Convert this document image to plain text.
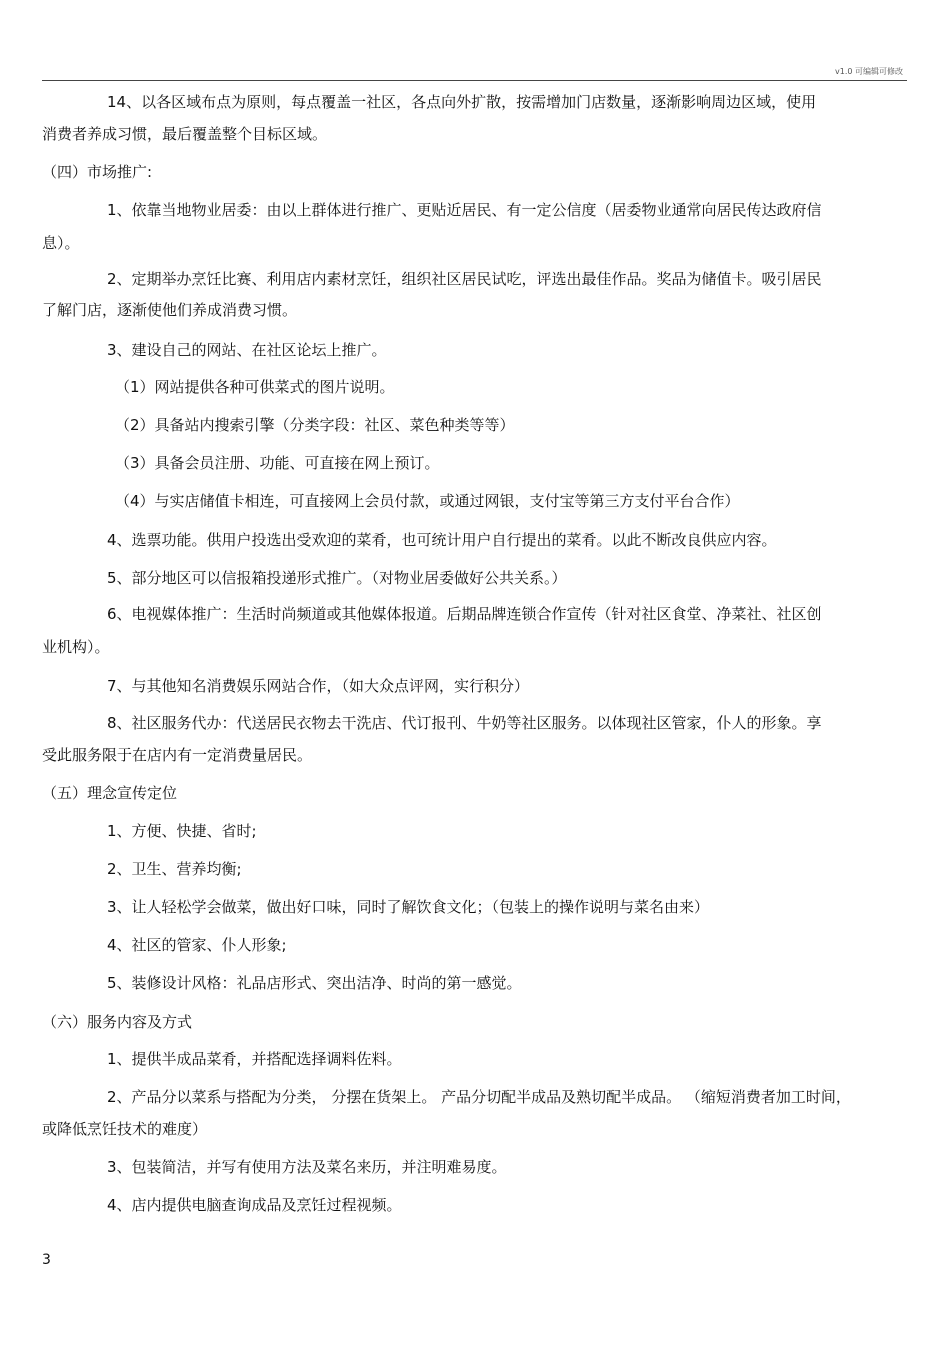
v1.0 可编辑可修改
14、以各区域布点为原则，每点覆盖一社区，各点向外扩散，按需增加门店数量，逐渐影响周边区域，使用
消费者养成习惯，最后覆盖整个目标区域。
（四）市场推广:
1、依靠当地物业居委：由以上群体进行推广、更贴近居民、有一定公信度（居委物业通常向居民传达政府信
息）。
2、定期举办烹饪比赛、利用店内素材烹饪，组织社区居民试吃，评选出最佳作品。奖品为储值卡。吸引居民
了解门店，逐渐使他们养成消费习惯。
3、建设自己的网站、在社区论坛上推广。
（1）网站提供各种可供菜式的图片说明。
（2）具备站内搜索引擎（分类字段：社区、菜色种类等等）
（3）具备会员注册、功能、可直接在网上预订。
（4）与实店储值卡相连，可直接网上会员付款，或通过网银，支付宝等第三方支付平台合作）
4、选票功能。供用户投选出受欢迎的菜肴，也可统计用户自行提出的菜肴。以此不断改良供应内容。
5、部分地区可以信报箱投递形式推广。（对物业居委做好公共关系。）
6、电视媒体推广：生活时尚频道或其他媒体报道。后期品牌连锁合作宣传（针对社区食堂、净菜社、社区创
业机构）。
7、与其他知名消费娱乐网站合作，（如大众点评网，实行积分）
8、社区服务代办：代送居民衣物去干洗店、代订报刊、牛奶等社区服务。以体现社区管家，仆人的形象。享
受此服务限于在店内有一定消费量居民。
（五）理念宣传定位
1、方便、快捷、省时;
2、卫生、营养均衡;
3、让人轻松学会做菜，做出好口味，同时了解饮食文化；（包装上的操作说明与菜名由来）
4、社区的管家、仆人形象;
5、装修设计风格：礼品店形式、突出洁净、时尚的第一感觉。
（六）服务内容及方式
1、提供半成品菜肴，并搭配选择调料佐料。
2、产品分以菜系与搭配为分类， 分摆在货架上。 产品分切配半成品及熟切配半成品。 （缩短消费者加工时间，
或降低烹饪技术的难度）
3、包装简洁，并写有使用方法及菜名来历，并注明难易度。
4、店内提供电脑查询成品及烹饪过程视频。
3
